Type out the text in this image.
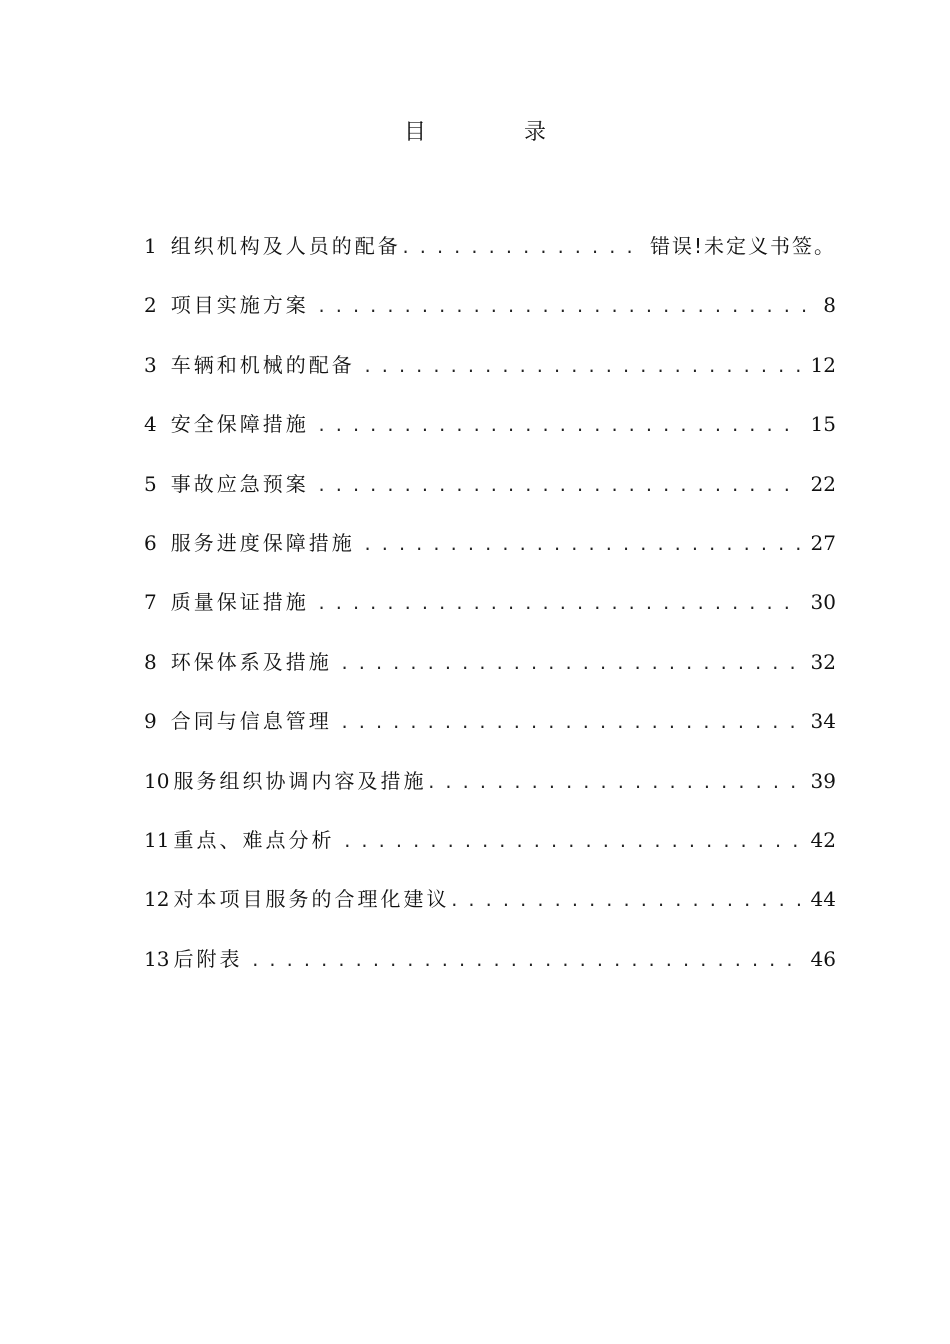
目　录
1 组织机构及人员的配备 .....	错误!未定义书签。
2 项目实施方案 .....	8
3 车辆和机械的配备 .....	12
4 安全保障措施 .....	15
5 事故应急预案 .....	22
6 服务进度保障措施 .....	27
7 质量保证措施 .....	30
8 环保体系及措施 .....	32
9 合同与信息管理 .....	34
10 服务组织协调内容及措施 .....	39
11 重点、难点分析 .....	42
12 对本项目服务的合理化建议 .....	44
13 后附表 .....	46
